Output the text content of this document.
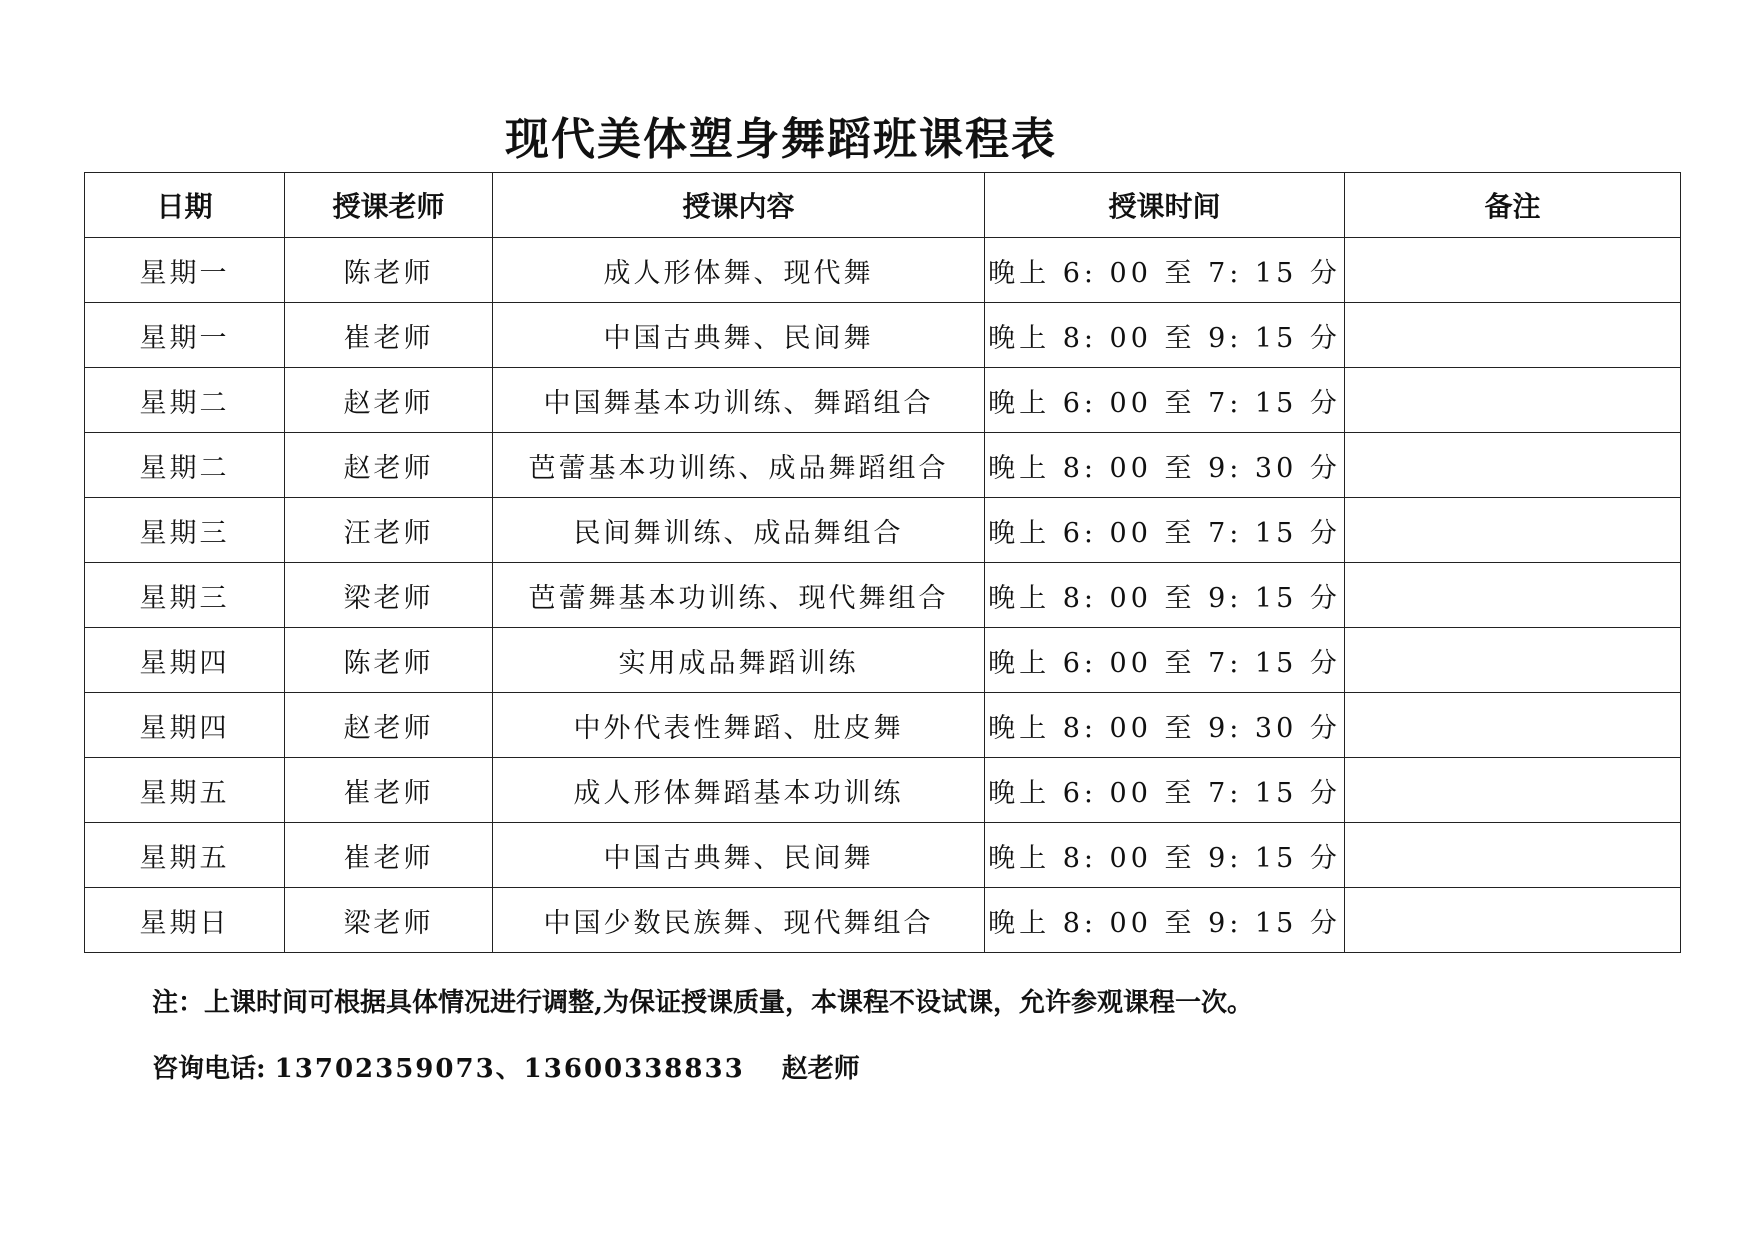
现代美体塑身舞蹈班课程表
日期	授课老师	授课内容	授课时间	备注
星期一	陈老师	成人形体舞、现代舞	晚上 6: 00 至 7: 15 分	
星期一	崔老师	中国古典舞、民间舞	晚上 8: 00 至 9: 15 分	
星期二	赵老师	中国舞基本功训练、舞蹈组合	晚上 6: 00 至 7: 15 分	
星期二	赵老师	芭蕾基本功训练、成品舞蹈组合	晚上 8: 00 至 9: 30 分	
星期三	汪老师	民间舞训练、成品舞组合	晚上 6: 00 至 7: 15 分	
星期三	梁老师	芭蕾舞基本功训练、现代舞组合	晚上 8: 00 至 9: 15 分	
星期四	陈老师	实用成品舞蹈训练	晚上 6: 00 至 7: 15 分	
星期四	赵老师	中外代表性舞蹈、肚皮舞	晚上 8: 00 至 9: 30 分	
星期五	崔老师	成人形体舞蹈基本功训练	晚上 6: 00 至 7: 15 分	
星期五	崔老师	中国古典舞、民间舞	晚上 8: 00 至 9: 15 分	
星期日	梁老师	中国少数民族舞、现代舞组合	晚上 8: 00 至 9: 15 分	
注：上课时间可根据具体情况进行调整,为保证授课质量，本课程不设试课，允许参观课程一次。
咨询电话: 13702359073、13600338833 赵老师
